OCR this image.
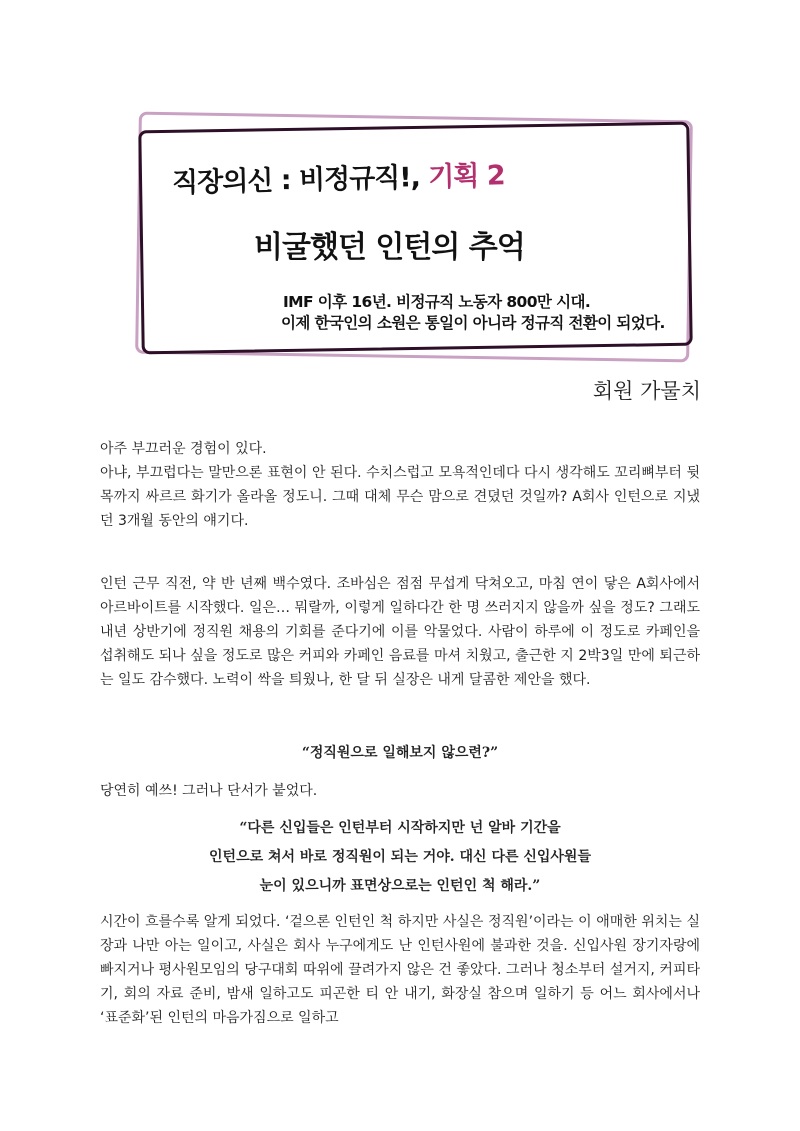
직장의신 : 비정규직!, 기획 2
비굴했던 인턴의 추억
IMF 이후 16년. 비정규직 노동자 800만 시대.
이제 한국인의 소원은 통일이 아니라 정규직 전환이 되었다.
회원 가물치
아주 부끄러운 경험이 있다.
아냐, 부끄럽다는 말만으론 표현이 안 된다. 수치스럽고 모욕적인데다 다시 생각해도 꼬리뼈부터 뒷목까지 싸르르 화기가 올라올 정도니. 그때 대체 무슨 맘으로 견뎠던 것일까? A회사 인턴으로 지냈던 3개월 동안의 얘기다.
인턴 근무 직전, 약 반 년째 백수였다. 조바심은 점점 무섭게 닥쳐오고, 마침 연이 닿은 A회사에서 아르바이트를 시작했다. 일은… 뭐랄까, 이렇게 일하다간 한 명 쓰러지지 않을까 싶을 정도? 그래도 내년 상반기에 정직원 채용의 기회를 준다기에 이를 악물었다. 사람이 하루에 이 정도로 카페인을 섭취해도 되나 싶을 정도로 많은 커피와 카페인 음료를 마셔 치웠고, 출근한 지 2박3일 만에 퇴근하는 일도 감수했다. 노력이 싹을 틔웠나, 한 달 뒤 실장은 내게 달콤한 제안을 했다.
“정직원으로 일해보지 않으련?”
당연히 예쓰! 그러나 단서가 붙었다.
“다른 신입들은 인턴부터 시작하지만 넌 알바 기간을
인턴으로 쳐서 바로 정직원이 되는 거야. 대신 다른 신입사원들
눈이 있으니까 표면상으로는 인턴인 척 해라.”
시간이 흐를수록 알게 되었다. ‘겉으론 인턴인 척 하지만 사실은 정직원’이라는 이 애매한 위치는 실장과 나만 아는 일이고, 사실은 회사 누구에게도 난 인턴사원에 불과한 것을. 신입사원 장기자랑에 빠지거나 평사원모임의 당구대회 따위에 끌려가지 않은 건 좋았다. 그러나 청소부터 설거지, 커피타기, 회의 자료 준비, 밤새 일하고도 피곤한 티 안 내기, 화장실 참으며 일하기 등 어느 회사에서나 ‘표준화’된 인턴의 마음가짐으로 일하고
